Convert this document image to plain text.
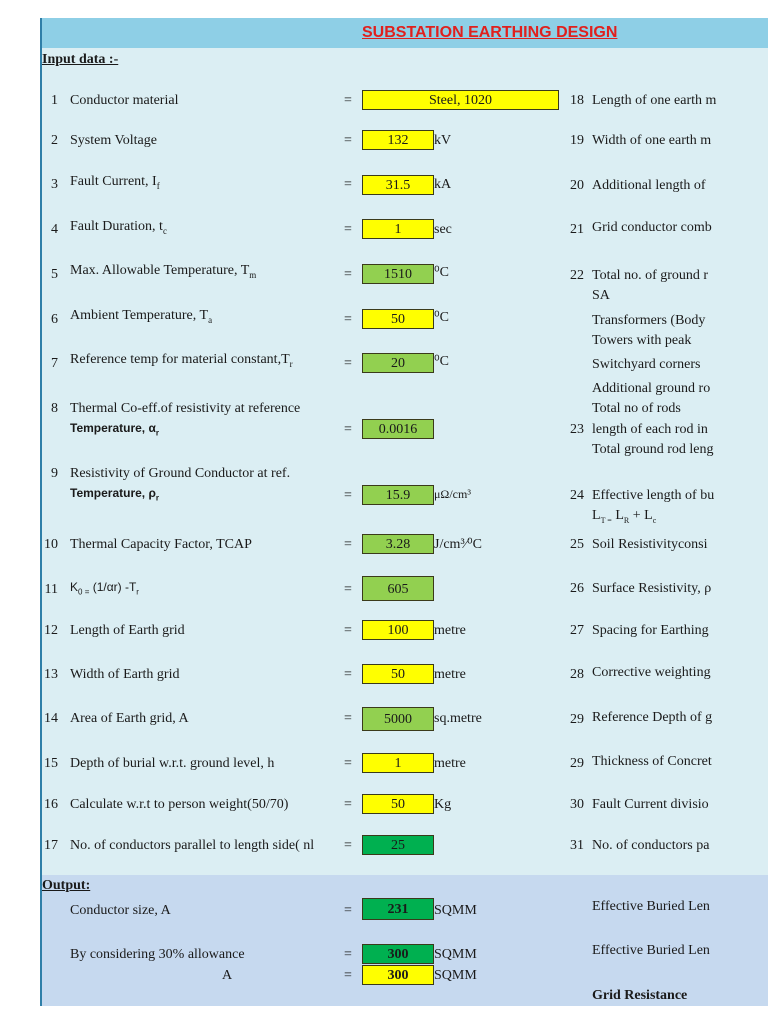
SUBSTATION EARTHING DESIGN
Input data :-
Output:
1 Conductor material	=	Steel, 1020
2 System Voltage	=	132	kV
3 Fault Current, $I_f$	=	31.5	kA
4 Fault Duration, $t_c$	=	1	sec
5 Max. Allowable Temperature, $T_m$	=	1510	⁰C
6 Ambient Temperature, $T_a$	=	50	⁰C
7 Reference temp for material $constant,T_r$	=	20	⁰C
8 Thermal Co-eff.of resistivity at reference
Temperature, $\alpha_r$	=	0.0016
9 Resistivity of Ground Conductor at ref.
Temperature, $\rho_r$	=	15.9	μΩ/cm³
10 Thermal Capacity Factor, TCAP	=	3.28	J/cm³⁄⁰C
11 $K_{0 =}$ (1/αr) $-T_r$	=	605
12 Length of Earth grid	=	100	metre
13 Width of Earth grid	=	50	metre
14 Area of Earth grid, A	=	5000	sq.metre
15 Depth of burial w.r.t. ground level, h	=	1	metre
16 Calculate w.r.t to person weight(50/70)	=	50	Kg
17 No. of conductors parallel to length side( nl =	25
Conductor size, A	=	231	SQMM
By considering 30% allowance	=	300	SQMM
A	=	300	SQMM
18 Length of one earth m
19 Width of one earth m
20 Additional length of
21 Grid conductor comb
22 Total no. of ground r
SA
Transformers (Body
Towers with peak
Switchyard corners
Additional ground ro
Total no of rods
23 length of each rod in
Total ground rod leng
24 Effective length of bu
$L_{T =}$ $L_R + L_c$
25 Soil Resistivityconsi
26 Surface Resistivity, ρ
27 Spacing for Earthing
28 Corrective weighting
29 Reference Depth of g
29 Thickness of Concret
30 Fault Current divisio
31 No. of conductors pa
Effective Buried Len
Effective Buried Len
Grid Resistance
